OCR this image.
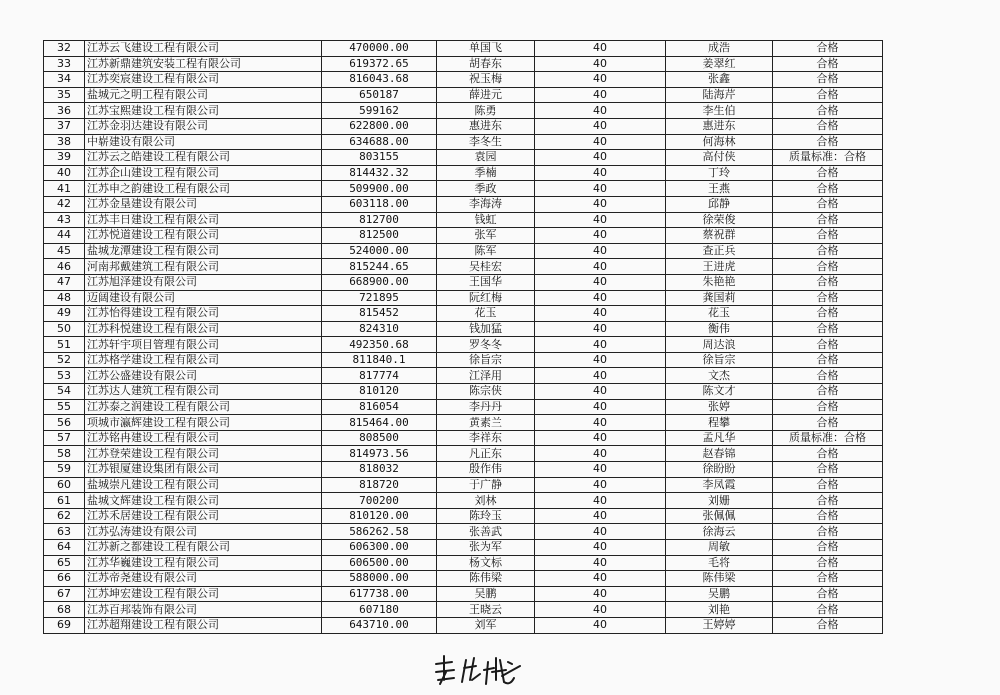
32	江苏云飞建设工程有限公司	470000.00	单国飞	40	成浩	合格
33	江苏新鼎建筑安装工程有限公司	619372.65	胡春东	40	姜翠红	合格
34	江苏奕宸建设工程有限公司	816043.68	祝玉梅	40	张鑫	合格
35	盐城元之明工程有限公司	650187	薛进元	40	陆海芹	合格
36	江苏宝熙建设工程有限公司	599162	陈勇	40	李生伯	合格
37	江苏金羽达建设有限公司	622800.00	惠进东	40	惠进东	合格
38	中崭建设有限公司	634688.00	李冬生	40	何海林	合格
39	江苏云之皓建设工程有限公司	803155	袁园	40	高付侠	质量标准：合格
40	江苏企山建设工程有限公司	814432.32	季楠	40	丁玲	合格
41	江苏申之韵建设工程有限公司	509900.00	季政	40	王燕	合格
42	江苏金垦建设有限公司	603118.00	李海涛	40	邱静	合格
43	江苏丰日建设工程有限公司	812700	钱虹	40	徐荣俊	合格
44	江苏悦道建设工程有限公司	812500	张军	40	蔡祝群	合格
45	盐城龙潭建设工程有限公司	524000.00	陈军	40	查正兵	合格
46	河南邦戴建筑工程有限公司	815244.65	吴桂宏	40	王进虎	合格
47	江苏旭泽建设有限公司	668900.00	王国华	40	朱艳艳	合格
48	迈阔建设有限公司	721895	阮红梅	40	龚国莉	合格
49	江苏怡得建设工程有限公司	815452	花玉	40	花玉	合格
50	江苏科悦建设工程有限公司	824310	钱加猛	40	衡伟	合格
51	江苏轩宇项目管理有限公司	492350.68	罗冬冬	40	周达浪	合格
52	江苏格学建设工程有限公司	811840.1	徐旨宗	40	徐旨宗	合格
53	江苏公盛建设有限公司	817774	江泽用	40	文杰	合格
54	江苏达人建筑工程有限公司	810120	陈宗侠	40	陈文才	合格
55	江苏泰之润建设工程有限公司	816054	李丹丹	40	张婷	合格
56	项城市瀛辉建设工程有限公司	815464.00	黄素兰	40	程攀	合格
57	江苏铭冉建设工程有限公司	808500	李祥东	40	孟凡华	质量标准：合格
58	江苏登荣建设工程有限公司	814973.56	凡正东	40	赵春锦	合格
59	江苏银厦建设集团有限公司	818032	殷作伟	40	徐盼盼	合格
60	盐城崇凡建设工程有限公司	818720	于广静	40	李凤霞	合格
61	盐城文辉建设工程有限公司	700200	刘林	40	刘姗	合格
62	江苏禾居建设工程有限公司	810120.00	陈玲玉	40	张佩佩	合格
63	江苏弘涛建设有限公司	586262.58	张善武	40	徐海云	合格
64	江苏新之都建设工程有限公司	606300.00	张为军	40	周敏	合格
65	江苏华巍建设工程有限公司	606500.00	杨文标	40	毛将	合格
66	江苏帝尧建设有限公司	588000.00	陈伟梁	40	陈伟梁	合格
67	江苏坤宏建设工程有限公司	617738.00	吴鹏	40	吴鹏	合格
68	江苏百邦装饰有限公司	607180	王晓云	40	刘艳	合格
69	江苏超翔建设工程有限公司	643710.00	刘军	40	王婷婷	合格
